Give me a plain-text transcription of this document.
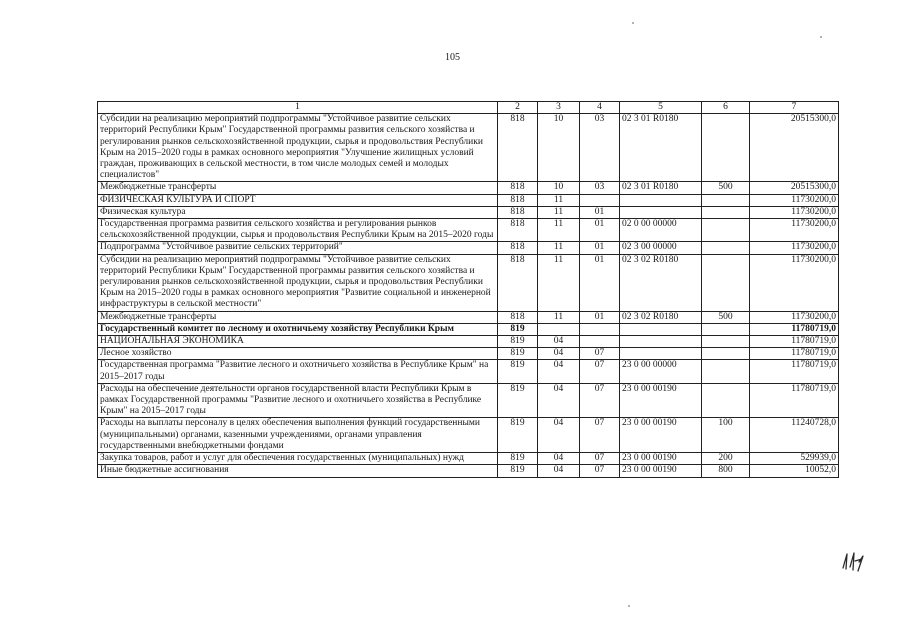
105
1	2	3	4	5	6	7
Субсидии на реализацию мероприятий подпрограммы "Устойчивое развитие сельских территорий Республики Крым" Государственной программы развития сельского хозяйства и регулирования рынков сельскохозяйственной продукции, сырья и продовольствия Республики Крым на 2015–2020 годы в рамках основного мероприятия "Улучшение жилищных условий граждан, проживающих в сельской местности, в том числе молодых семей и молодых специалистов"	818	10	03	02 3 01 R0180		20515300,0
Межбюджетные трансферты	818	10	03	02 3 01 R0180	500	20515300,0
ФИЗИЧЕСКАЯ КУЛЬТУРА И СПОРТ	818	11				11730200,0
Физическая культура	818	11	01			11730200,0
Государственная программа развития сельского хозяйства и регулирования рынков сельскохозяйственной продукции, сырья и продовольствия Республики Крым на 2015–2020 годы	818	11	01	02 0 00 00000		11730200,0
Подпрограмма "Устойчивое развитие сельских территорий"	818	11	01	02 3 00 00000		11730200,0
Субсидии на реализацию мероприятий подпрограммы "Устойчивое развитие сельских территорий Республики Крым" Государственной программы развития сельского хозяйства и регулирования рынков сельскохозяйственной продукции, сырья и продовольствия Республики Крым на 2015–2020 годы в рамках основного мероприятия "Развитие социальной и инженерной инфраструктуры в сельской местности"	818	11	01	02 3 02 R0180		11730200,0
Межбюджетные трансферты	818	11	01	02 3 02 R0180	500	11730200,0
Государственный комитет по лесному и охотничьему хозяйству Республики Крым	819					11780719,0
НАЦИОНАЛЬНАЯ ЭКОНОМИКА	819	04				11780719,0
Лесное хозяйство	819	04	07			11780719,0
Государственная программа "Развитие лесного и охотничьего хозяйства в Республике Крым" на 2015–2017 годы	819	04	07	23 0 00 00000		11780719,0
Расходы на обеспечение деятельности органов государственной власти Республики Крым в рамках Государственной программы "Развитие лесного и охотничьего хозяйства в Республике Крым" на 2015–2017 годы	819	04	07	23 0 00 00190		11780719,0
Расходы на выплаты персоналу в целях обеспечения выполнения функций государственными (муниципальными) органами, казенными учреждениями, органами управления государственными внебюджетными фондами	819	04	07	23 0 00 00190	100	11240728,0
Закупка товаров, работ и услуг для обеспечения государственных (муниципальных) нужд	819	04	07	23 0 00 00190	200	529939,0
Иные бюджетные ассигнования	819	04	07	23 0 00 00190	800	10052,0
